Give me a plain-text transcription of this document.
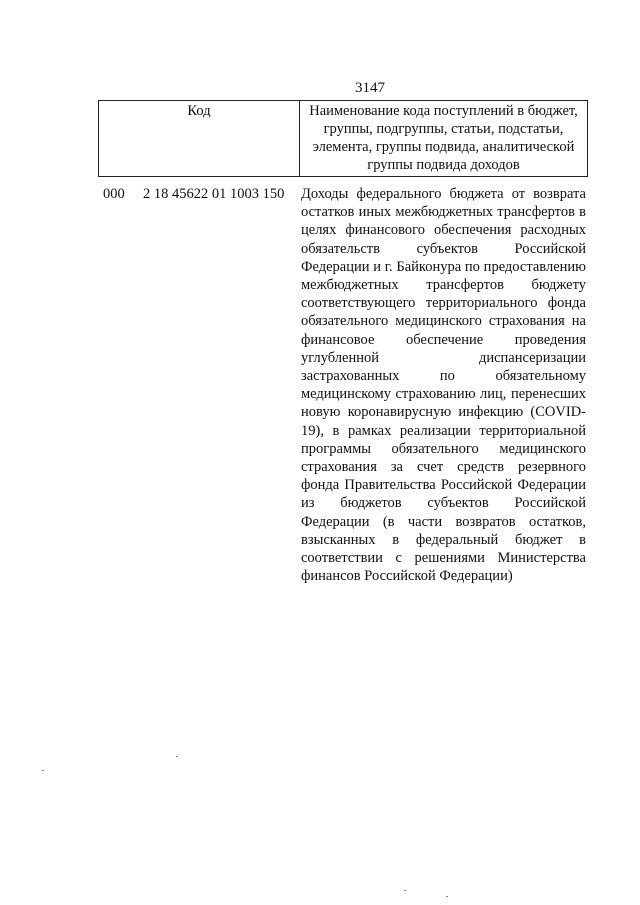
3147
Код	Наименование кода поступлений в бюджет, группы, подгруппы, статьи, подстатьи, элемента, группы подвида, аналитической группы подвида доходов
000 2 18 45622 01 1003 150 Доходы федерального бюджета от возврата остатков иных межбюджетных трансфертов в целях финансового обеспечения расходных обязательств субъектов Российской Федерации и г. Байконура по предоставлению межбюджетных трансфертов бюджету соответствующего территориального фонда обязательного медицинского страхования на финансовое обеспечение проведения углубленной диспансеризации застрахованных по обязательному медицинскому страхованию лиц, перенесших новую коронавирусную инфекцию (COVID-19), в рамках реализации территориальной программы обязательного медицинского страхования за счет средств резервного фонда Правительства Российской Федерации из бюджетов субъектов Российской Федерации (в части возвратов остатков, взысканных в федеральный бюджет в соответствии с решениями Министерства финансов Российской Федерации)
